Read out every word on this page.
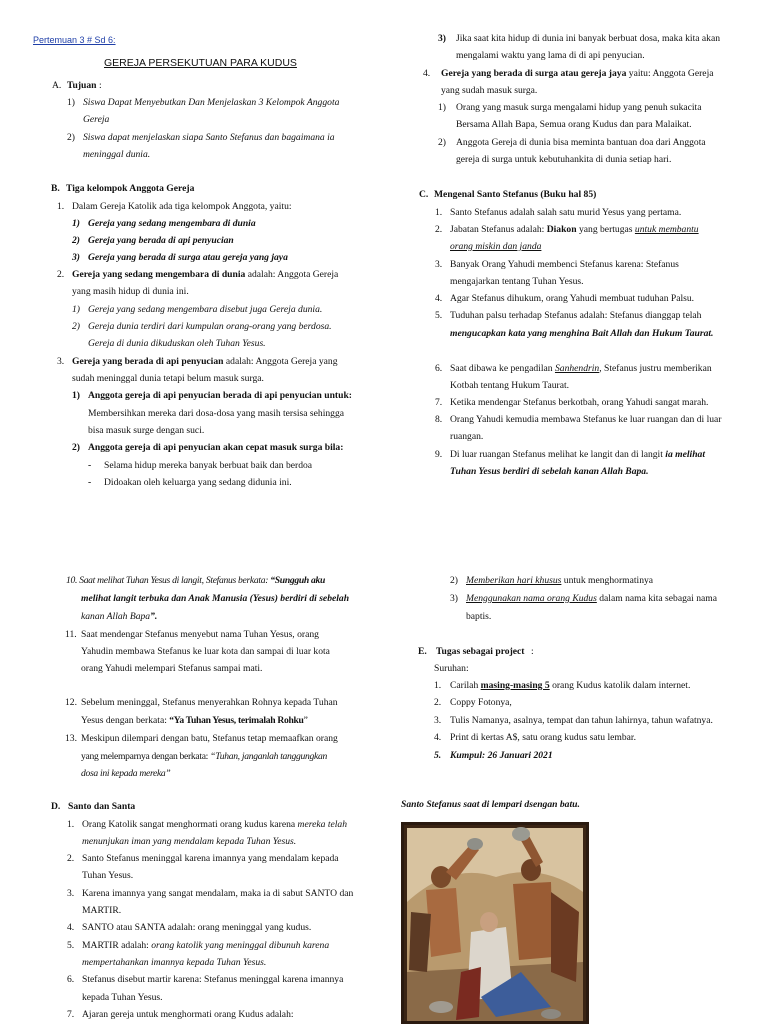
Pertemuan 3 # Sd 6:
GEREJA PERSEKUTUAN PARA KUDUS
A. Tujuan :
1) Siswa Dapat Menyebutkan Dan Menjelaskan 3 Kelompok Anggota
Gereja
2) Siswa dapat menjelaskan siapa Santo Stefanus dan bagaimana ia
meninggal dunia.
B. Tiga kelompok Anggota Gereja
1. Dalam Gereja Katolik ada tiga kelompok Anggota, yaitu:
1) Gereja yang sedang mengembara di dunia
2) Gereja yang berada di api penyucian
3) Gereja yang berada di surga atau gereja yang jaya
2. Gereja yang sedang mengembara di dunia adalah: Anggota Gereja
yang masih hidup di dunia ini.
1) Gereja yang sedang mengembara disebut juga Gereja dunia.
2) Gereja dunia terdiri dari kumpulan orang-orang yang berdosa.
Gereja di dunia dikuduskan oleh Tuhan Yesus.
3. Gereja yang berada di api penyucian adalah: Anggota Gereja yang
sudah meninggal dunia tetapi belum masuk surga.
1) Anggota gereja di api penyucian berada di api penyucian untuk:
Membersihkan mereka dari dosa-dosa yang masih tersisa sehingga
bisa masuk surge dengan suci.
2) Anggota gereja di api penyucian akan cepat masuk surga bila:
- Selama hidup mereka banyak berbuat baik dan berdoa
- Didoakan oleh keluarga yang sedang didunia ini.
3) Jika saat kita hidup di dunia ini banyak berbuat dosa, maka kita akan
mengalami waktu yang lama di di api penyucian.
4. Gereja yang berada di surga atau gereja jaya yaitu: Anggota Gereja
yang sudah masuk surga.
1) Orang yang masuk surga mengalami hidup yang penuh sukacita
Bersama Allah Bapa, Semua orang Kudus dan para Malaikat.
2) Anggota Gereja di dunia bisa meminta bantuan doa dari Anggota
gereja di surga untuk kebutuhankita di dunia setiap hari.
C. Mengenal Santo Stefanus (Buku hal 85)
1. Santo Stefanus adalah salah satu murid Yesus yang pertama.
2. Jabatan Stefanus adalah: Diakon yang bertugas untuk membantu
orang miskin dan janda
3. Banyak Orang Yahudi membenci Stefanus karena: Stefanus
mengajarkan tentang Tuhan Yesus.
4. Agar Stefanus dihukum, orang Yahudi membuat tuduhan Palsu.
5. Tuduhan palsu terhadap Stefanus adalah: Stefanus dianggap telah
mengucapkan kata yang menghina Bait Allah dan Hukum Taurat.
6. Saat dibawa ke pengadilan Sanhendrin, Stefanus justru memberikan
Kotbah tentang Hukum Taurat.
7. Ketika mendengar Stefanus berkotbah, orang Yahudi sangat marah.
8. Orang Yahudi kemudia membawa Stefanus ke luar ruangan dan di luar
ruangan.
9. Di luar ruangan Stefanus melihat ke langit dan di langit ia melihat
Tuhan Yesus berdiri di sebelah kanan Allah Bapa.
10. Saat melihat Tuhan Yesus di langit, Stefanus berkata: “Sungguh aku
melihat langit terbuka dan Anak Manusia (Yesus) berdiri di sebelah
kanan Allah Bapa”.
11. Saat mendengar Stefanus menyebut nama Tuhan Yesus, orang
Yahudin membawa Stefanus ke luar kota dan sampai di luar kota
orang Yahudi melempari Stefanus sampai mati.
12. Sebelum meninggal, Stefanus menyerahkan Rohnya kepada Tuhan
Yesus dengan berkata: “Ya Tuhan Yesus, terimalah Rohku”
13. Meskipun dilempari dengan batu, Stefanus tetap memaafkan orang
yang melemparnya dengan berkata: “Tuhan, janganlah tanggungkan
dosa ini kepada mereka”
D. Santo dan Santa
1. Orang Katolik sangat menghormati orang kudus karena mereka telah
menunjukan iman yang mendalam kepada Tuhan Yesus.
2. Santo Stefanus meninggal karena imannya yang mendalam kepada
Tuhan Yesus.
3. Karena imannya yang sangat mendalam, maka ia di sabut SANTO dan
MARTIR.
4. SANTO atau SANTA adalah: orang meninggal yang kudus.
5. MARTIR adalah: orang katolik yang meninggal dibunuh karena
mempertahankan imannya kepada Tuhan Yesus.
6. Stefanus disebut martir karena: Stefanus meninggal karena imannya
kepada Tuhan Yesus.
7. Ajaran gereja untuk menghormati orang Kudus adalah:
2) Memberikan hari khusus untuk menghormatinya
3) Menggunakan nama orang Kudus dalam nama kita sebagai nama
baptis.
E. Tugas sebagai project :
Suruhan:
1. Carilah masing-masing 5 orang Kudus katolik dalam internet.
2. Coppy Fotonya,
3. Tulis Namanya, asalnya, tempat dan tahun lahirnya, tahun wafatnya.
4. Print di kertas A$, satu orang kudus satu lembar.
5. Kumpul: 26 Januari 2021
Santo Stefanus saat di lempari dsengan batu.
